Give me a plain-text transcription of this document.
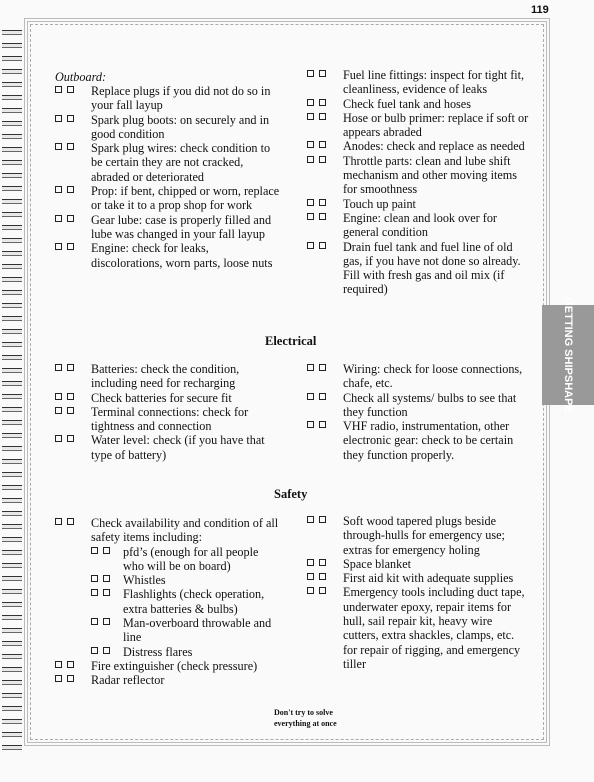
119
GETTING SHIPSHAPE
Outboard:
Replace plugs if you did not do so in your fall layup
Spark plug boots: on securely and in good condition
Spark plug wires: check condition to be certain they are not cracked, abraded or deteriorated
Prop: if bent, chipped or worn, replace or take it to a prop shop for work
Gear lube: case is properly filled and lube was changed in your fall layup
Engine: check for leaks, discolorations, worn parts, loose nuts
Fuel line fittings: inspect for tight fit, cleanliness, evidence of leaks
Check fuel tank and hoses
Hose or bulb primer: replace if soft or appears abraded
Anodes: check and replace as needed
Throttle parts: clean and lube shift mechanism and other moving items for smoothness
Touch up paint
Engine: clean and look over for general condition
Drain fuel tank and fuel line of old gas, if you have not done so already. Fill with fresh gas and oil mix (if required)
Electrical
Batteries: check the condition, including need for recharging
Check batteries for secure fit
Terminal connections: check for tightness and connection
Water level: check (if you have that type of battery)
Wiring: check for loose connections, chafe, etc.
Check all systems/ bulbs to see that they function
VHF radio, instrumentation, other electronic gear: check to be certain they function properly.
Safety
Check availability and condition of all safety items including:
pfd’s (enough for all people who will be on board)
Whistles
Flashlights (check operation, extra batteries & bulbs)
Man-overboard throwable and line
Distress flares
Fire extinguisher (check pressure)
Radar reflector
Soft wood tapered plugs beside through-hulls for emergency use; extras for emergency holing
Space blanket
First aid kit with adequate supplies
Emergency tools including duct tape, underwater epoxy, repair items for hull, sail repair kit, heavy wire cutters, extra shackles, clamps, etc. for repair of rigging, and emergency tiller
Don't try to solve everything at once
